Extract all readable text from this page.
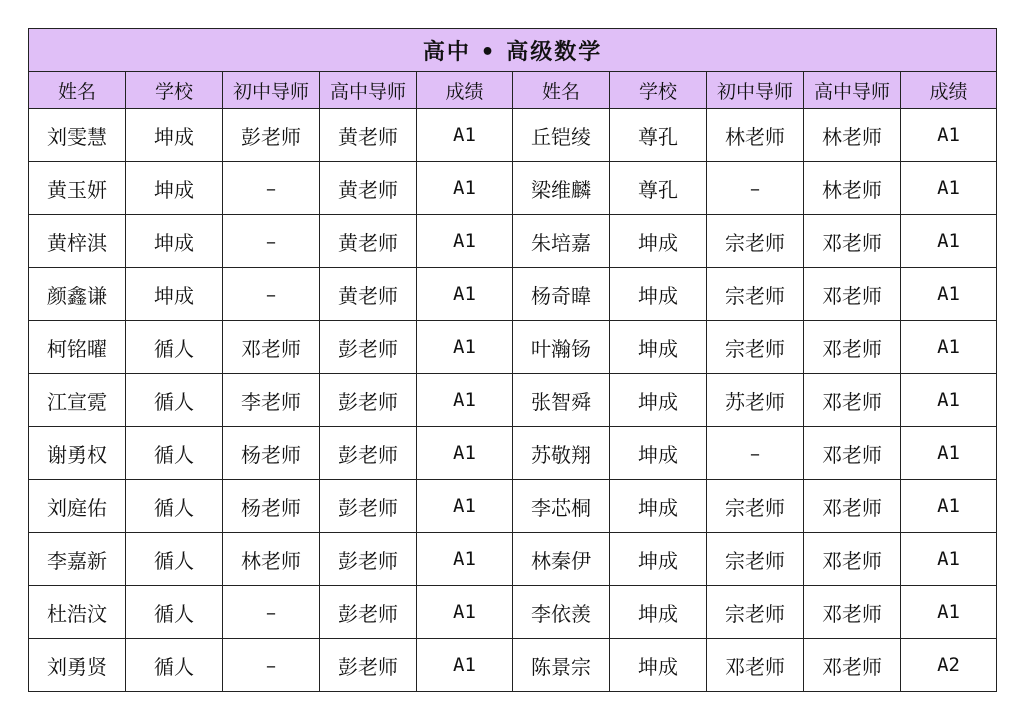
高中 • 高级数学									
姓名	学校	初中导师	高中导师	成绩	姓名	学校	初中导师	高中导师	成绩
刘雯慧	坤成	彭老师	黄老师	A1	丘铠绫	尊孔	林老师	林老师	A1
黄玉妍	坤成	–	黄老师	A1	梁维麟	尊孔	–	林老师	A1
黄梓淇	坤成	–	黄老师	A1	朱培嘉	坤成	宗老师	邓老师	A1
颜鑫谦	坤成	–	黄老师	A1	杨奇暐	坤成	宗老师	邓老师	A1
柯铭曜	循人	邓老师	彭老师	A1	叶瀚钖	坤成	宗老师	邓老师	A1
江宣霓	循人	李老师	彭老师	A1	张智舜	坤成	苏老师	邓老师	A1
谢勇权	循人	杨老师	彭老师	A1	苏敬翔	坤成	–	邓老师	A1
刘庭佑	循人	杨老师	彭老师	A1	李芯桐	坤成	宗老师	邓老师	A1
李嘉新	循人	林老师	彭老师	A1	林秦伊	坤成	宗老师	邓老师	A1
杜浩汶	循人	–	彭老师	A1	李依羡	坤成	宗老师	邓老师	A1
刘勇贤	循人	–	彭老师	A1	陈景宗	坤成	邓老师	邓老师	A2
